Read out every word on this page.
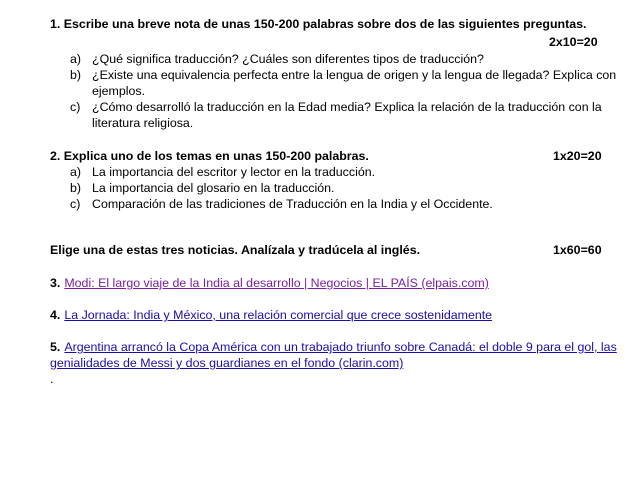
1. Escribe una breve nota de unas 150-200 palabras sobre dos de las siguientes preguntas.
2x10=20
a) ¿Qué significa traducción? ¿Cuáles son diferentes tipos de traducción?
b) ¿Existe una equivalencia perfecta entre la lengua de origen y la lengua de llegada? Explica con
ejemplos.
c) ¿Cómo desarrolló la traducción en la Edad media? Explica la relación de la traducción con la
literatura religiosa.
2. Explica uno de los temas en unas 150-200 palabras.	1x20=20
a) La importancia del escritor y lector en la traducción.
b) La importancia del glosario en la traducción.
c) Comparación de las tradiciones de Traducción en la India y el Occidente.
Elige una de estas tres noticias. Analízala y tradúcela al inglés.	1x60=60
3. Modi: El largo viaje de la India al desarrollo | Negocios | EL PAÍS (elpais.com)
4. La Jornada: India y México, una relación comercial que crece sostenidamente
5. Argentina arrancó la Copa América con un trabajado triunfo sobre Canadá: el doble 9 para el gol, las
genialidades de Messi y dos guardianes en el fondo (clarin.com)
.
